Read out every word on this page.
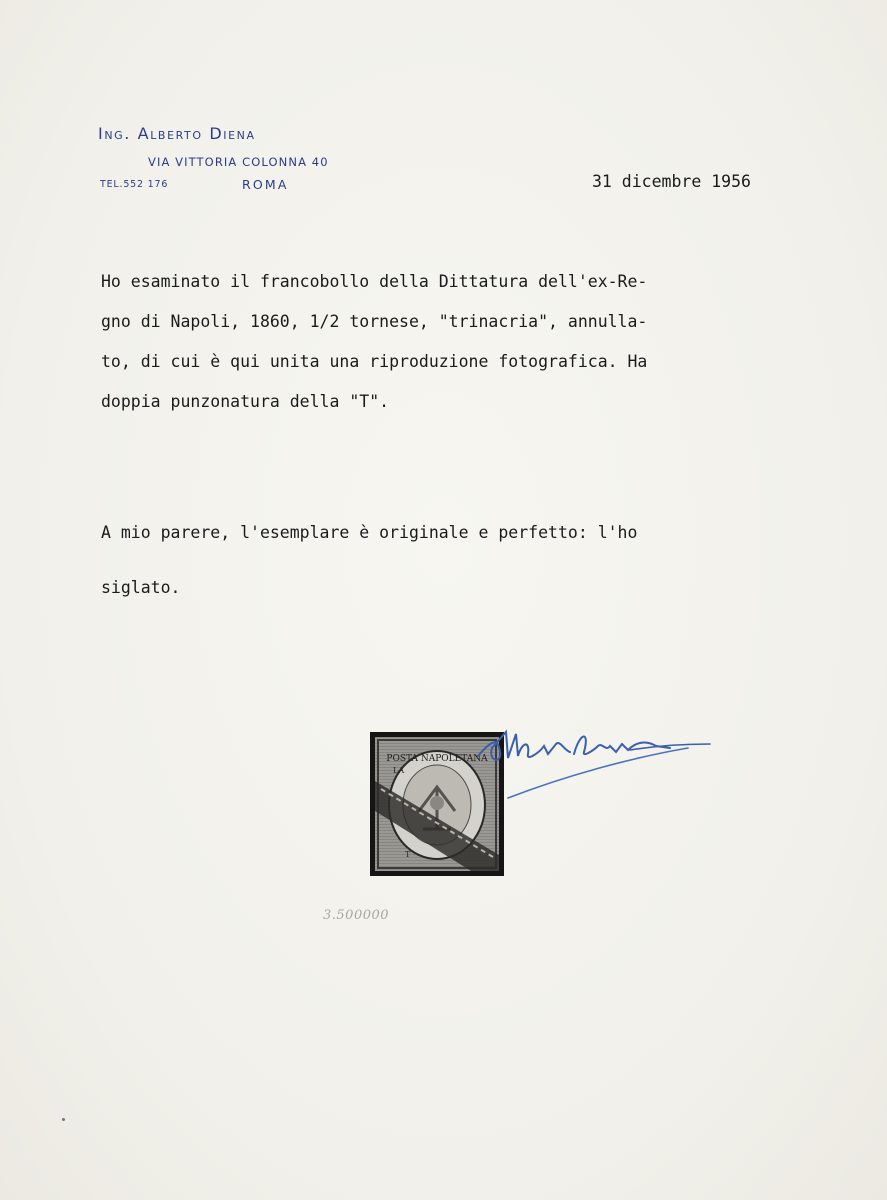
Ing. Alberto Diena
VIA VITTORIA COLONNA 40
TEL.552 176	ROMA	31 dicembre 1956
Ho esaminato il francobollo della Dittatura dell'ex-Re-
gno di Napoli, 1860, 1/2 tornese, "trinacria", annulla-
to, di cui è qui unita una riproduzione fotografica. Ha
doppia punzonatura della "T".
A mio parere, l'esemplare è originale e perfetto: l'ho
siglato.
POSTA NAPOLETANA
LA
T
3.500000
